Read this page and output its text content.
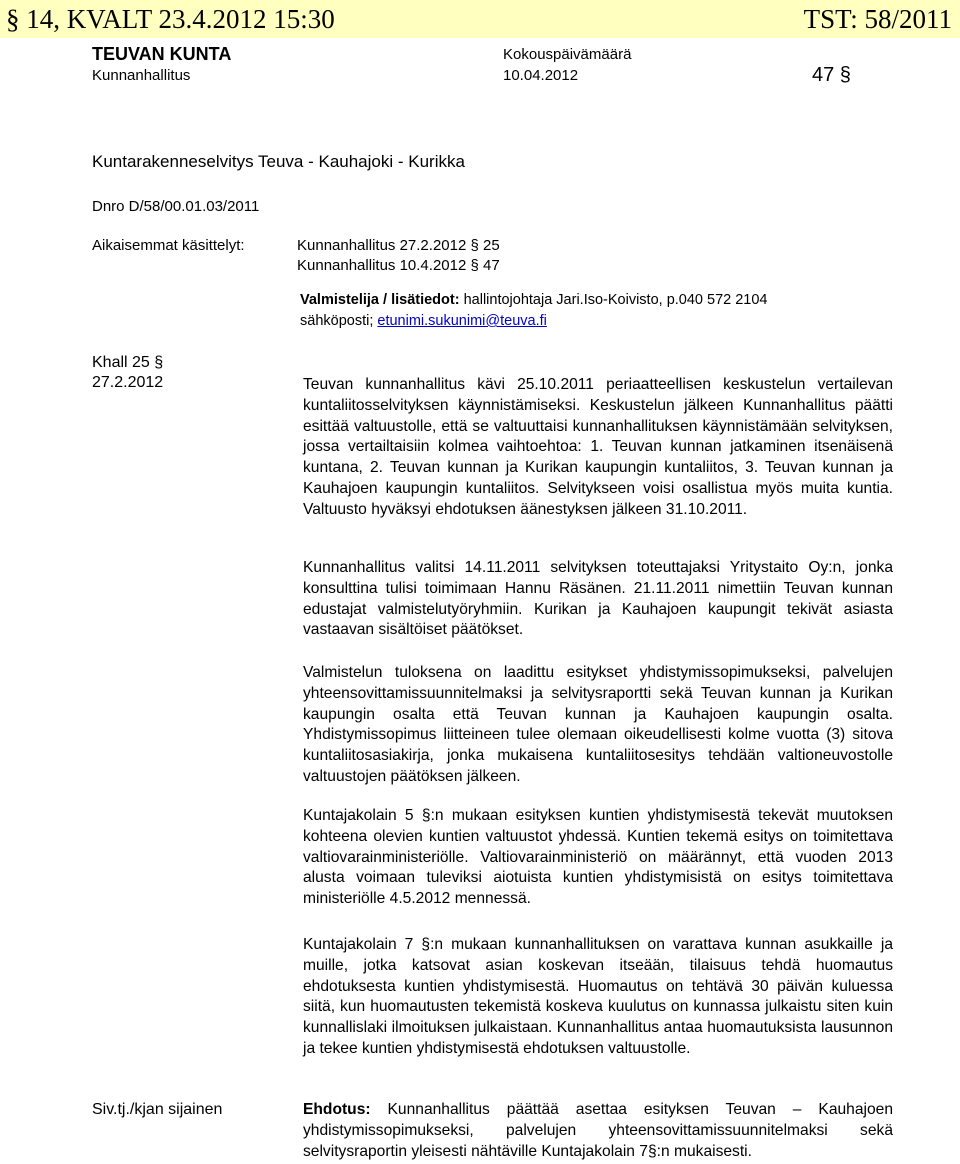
§ 14, KVALT 23.4.2012 15:30	TST: 58/2011
TEUVAN KUNTA	Kokouspäivämäärä
Kunnanhallitus	10.04.2012	47 §
Kuntarakenneselvitys Teuva - Kauhajoki - Kurikka
Dnro D/58/00.01.03/2011
Aikaisemmat käsittelyt:	Kunnanhallitus 27.2.2012 § 25
Kunnanhallitus 10.4.2012 § 47
Valmistelija / lisätiedot: hallintojohtaja Jari.Iso-Koivisto, p.040 572 2104
sähköposti; etunimi.sukunimi@teuva.fi
Khall 25 §
27.2.2012	Teuvan kunnanhallitus kävi 25.10.2011 periaatteellisen keskustelun vertailevan kuntaliitosselvityksen käynnistämiseksi. Keskustelun jälkeen Kunnanhallitus päätti esittää valtuustolle, että se valtuuttaisi kunnanhallituksen käynnistämään selvityksen, jossa vertailtaisiin kolmea vaihtoehtoa: 1. Teuvan kunnan jatkaminen itsenäisenä kuntana, 2. Teuvan kunnan ja Kurikan kaupungin kuntaliitos, 3. Teuvan kunnan ja Kauhajoen kaupungin kuntaliitos. Selvitykseen voisi osallistua myös muita kuntia. Valtuusto hyväksyi ehdotuksen äänestyksen jälkeen 31.10.2011.
Kunnanhallitus valitsi 14.11.2011 selvityksen toteuttajaksi Yritystaito Oy:n, jonka konsulttina tulisi toimimaan Hannu Räsänen. 21.11.2011 nimettiin Teuvan kunnan edustajat valmistelutyöryhmiin. Kurikan ja Kauhajoen kaupungit tekivät asiasta vastaavan sisältöiset päätökset.
Valmistelun tuloksena on laadittu esitykset yhdistymissopimukseksi, palvelujen yhteensovittamissuunnitelmaksi ja selvitysraportti sekä Teuvan kunnan ja Kurikan kaupungin osalta että Teuvan kunnan ja Kauhajoen kaupungin osalta. Yhdistymissopimus liitteineen tulee olemaan oikeudellisesti kolme vuotta (3) sitova kuntaliitosasiakirja, jonka mukaisena kuntaliitosesitys tehdään valtioneuvostolle valtuustojen päätöksen jälkeen.
Kuntajakolain 5 §:n mukaan esityksen kuntien yhdistymisestä tekevät muutoksen kohteena olevien kuntien valtuustot yhdessä. Kuntien tekemä esitys on toimitettava valtiovarainministeriölle. Valtiovarainministeriö on määrännyt, että vuoden 2013 alusta voimaan tuleviksi aiotuista kuntien yhdistymisistä on esitys toimitettava ministeriölle 4.5.2012 mennessä.
Kuntajakolain 7 §:n mukaan kunnanhallituksen on varattava kunnan asukkaille ja muille, jotka katsovat asian koskevan itseään, tilaisuus tehdä huomautus ehdotuksesta kuntien yhdistymisestä. Huomautus on tehtävä 30 päivän kuluessa siitä, kun huomautusten tekemistä koskeva kuulutus on kunnassa julkaistu siten kuin kunnallislaki ilmoituksen julkaistaan. Kunnanhallitus antaa huomautuksista lausunnon ja tekee kuntien yhdistymisestä ehdotuksen valtuustolle.
Siv.tj./kjan sijainen	Ehdotus: Kunnanhallitus päättää asettaa esityksen Teuvan – Kauhajoen yhdistymissopimukseksi, palvelujen yhteensovittamissuunnitelmaksi sekä selvitysraportin yleisesti nähtäville Kuntajakolain 7§:n mukaisesti.
